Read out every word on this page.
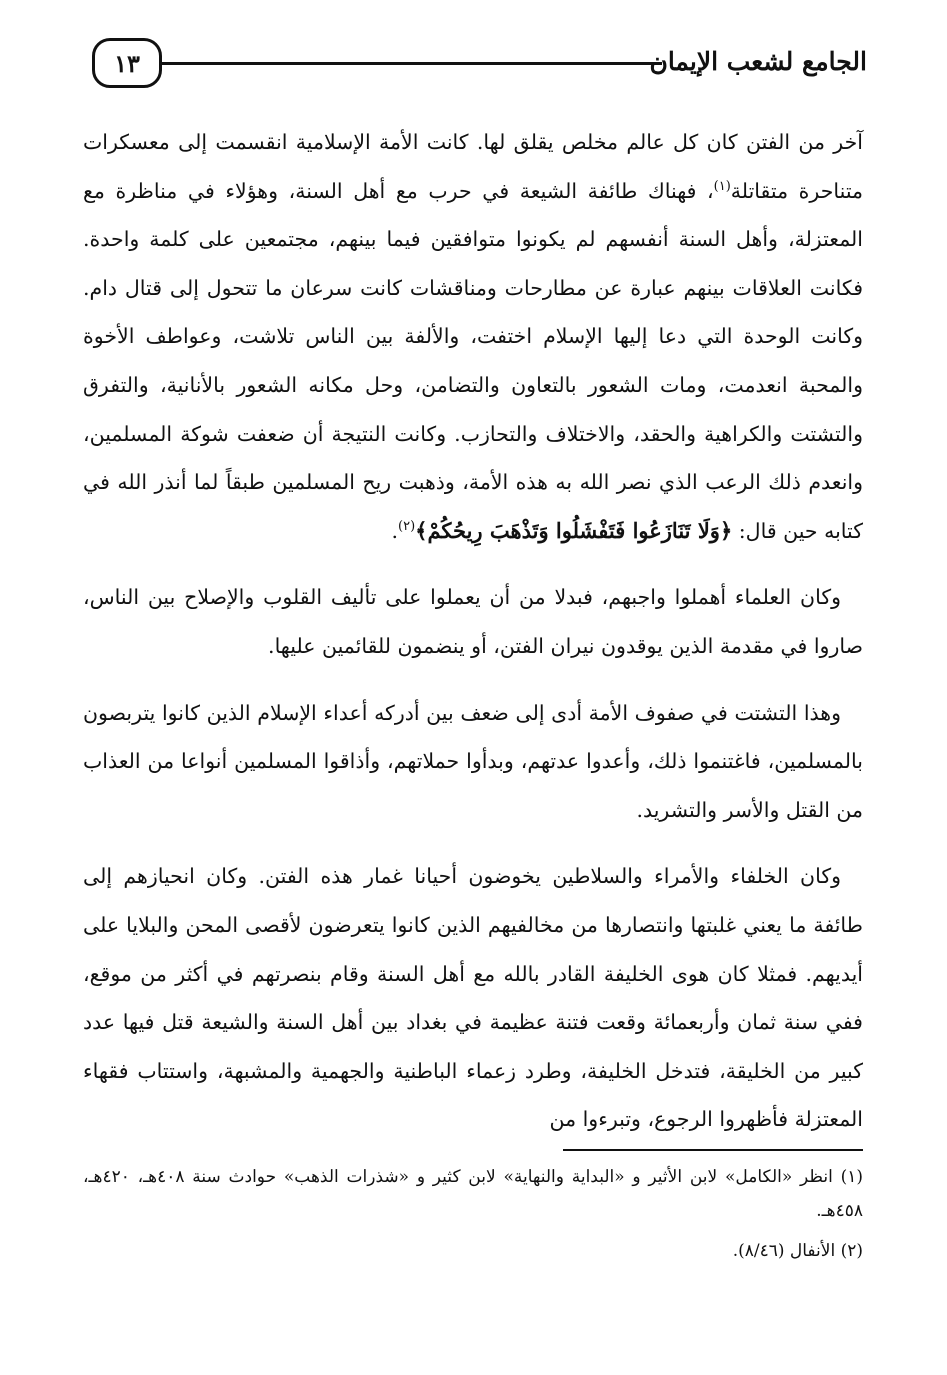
الجامع لشعب الإيمان
١٣

آخر من الفتن كان كل عالم مخلص يقلق لها. كانت الأمة الإسلامية انقسمت إلى معسكرات متناحرة متقاتلة$^{(١)}$، فهناك طائفة الشيعة في حرب مع أهل السنة، وهؤلاء في مناظرة مع المعتزلة، وأهل السنة أنفسهم لم يكونوا متوافقين فيما بينهم، مجتمعين على كلمة واحدة. فكانت العلاقات بينهم عبارة عن مطارحات ومناقشات كانت سرعان ما تتحول إلى قتال دام. وكانت الوحدة التي دعا إليها الإسلام اختفت، والألفة بين الناس تلاشت، وعواطف الأخوة والمحبة انعدمت، ومات الشعور بالتعاون والتضامن، وحل مكانه الشعور بالأنانية، والتفرق والتشتت والكراهية والحقد، والاختلاف والتحازب. وكانت النتيجة أن ضعفت شوكة المسلمين، وانعدم ذلك الرعب الذي نصر الله به هذه الأمة، وذهبت ريح المسلمين طبقاً لما أنذر الله في كتابه حين قال: ﴿وَلَا تَنَازَعُوا فَتَفْشَلُوا وَتَذْهَبَ رِيحُكُمْ﴾$^{(٢)}$.

وكان العلماء أهملوا واجبهم، فبدلا من أن يعملوا على تأليف القلوب والإصلاح بين الناس، صاروا في مقدمة الذين يوقدون نيران الفتن، أو ينضمون للقائمين عليها.

وهذا التشتت في صفوف الأمة أدى إلى ضعف بين أدركه أعداء الإسلام الذين كانوا يتربصون بالمسلمين، فاغتنموا ذلك، وأعدوا عدتهم، وبدأوا حملاتهم، وأذاقوا المسلمين أنواعا من العذاب من القتل والأسر والتشريد.

وكان الخلفاء والأمراء والسلاطين يخوضون أحيانا غمار هذه الفتن. وكان انحيازهم إلى طائفة ما يعني غلبتها وانتصارها من مخالفيهم الذين كانوا يتعرضون لأقصى المحن والبلايا على أيديهم. فمثلا كان هوى الخليفة القادر بالله مع أهل السنة وقام بنصرتهم في أكثر من موقع، ففي سنة ثمان وأربعمائة وقعت فتنة عظيمة في بغداد بين أهل السنة والشيعة قتل فيها عدد كبير من الخليقة، فتدخل الخليفة، وطرد زعماء الباطنية والجهمية والمشبهة، واستتاب فقهاء المعتزلة فأظهروا الرجوع، وتبرءوا من

(١) انظر «الكامل» لابن الأثير و «البداية والنهاية» لابن كثير و «شذرات الذهب» حوادث سنة ٤٠٨هـ، ٤٢٠هـ، ٤٥٨هـ.

(٢) الأنفال (٨/٤٦).
